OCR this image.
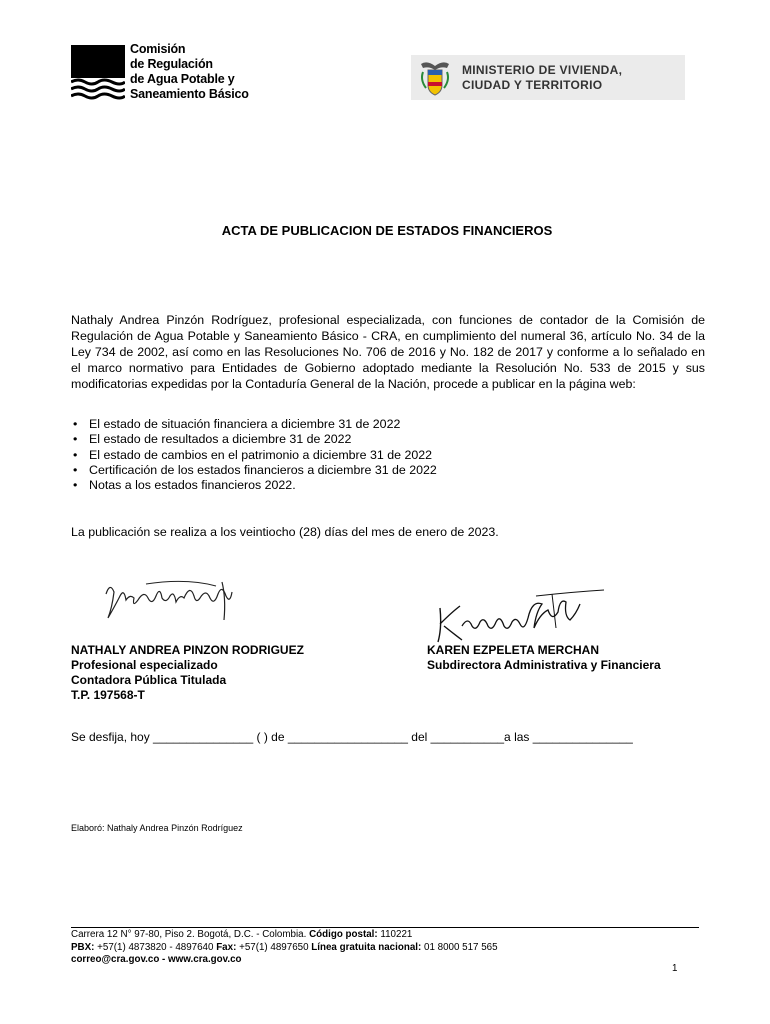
Comisión
de Regulación
de Agua Potable y
Saneamiento Básico
MINISTERIO DE VIVIENDA,
CIUDAD Y TERRITORIO
ACTA DE PUBLICACION DE ESTADOS FINANCIEROS
Nathaly Andrea Pinzón Rodríguez, profesional especializada, con funciones de contador de la Comisión de Regulación de Agua Potable y Saneamiento Básico - CRA, en cumplimiento del numeral 36, artículo No. 34 de la Ley 734 de 2002, así como en las Resoluciones No. 706 de 2016 y No. 182 de 2017 y conforme a lo señalado en el marco normativo para Entidades de Gobierno adoptado mediante la Resolución No. 533 de 2015 y sus modificatorias expedidas por la Contaduría General de la Nación, procede a publicar en la página web:
• El estado de situación financiera a diciembre 31 de 2022
• El estado de resultados a diciembre 31 de 2022
• El estado de cambios en el patrimonio a diciembre 31 de 2022
• Certificación de los estados financieros a diciembre 31 de 2022
• Notas a los estados financieros 2022.
La publicación se realiza a los veintiocho (28) días del mes de enero de 2023.
NATHALY ANDREA PINZON RODRIGUEZ
Profesional especializado
Contadora Pública Titulada
T.P. 197568-T
KAREN EZPELETA MERCHAN
Subdirectora Administrativa y Financiera
Se desfija, hoy _______________ ( ) de __________________ del ___________a las _______________
Elaboró: Nathaly Andrea Pinzón Rodríguez
Carrera 12 N° 97-80, Piso 2. Bogotá, D.C. - Colombia. Código postal: 110221
PBX: +57(1) 4873820 - 4897640 Fax: +57(1) 4897650 Línea gratuita nacional: 01 8000 517 565
correo@cra.gov.co - www.cra.gov.co
1
